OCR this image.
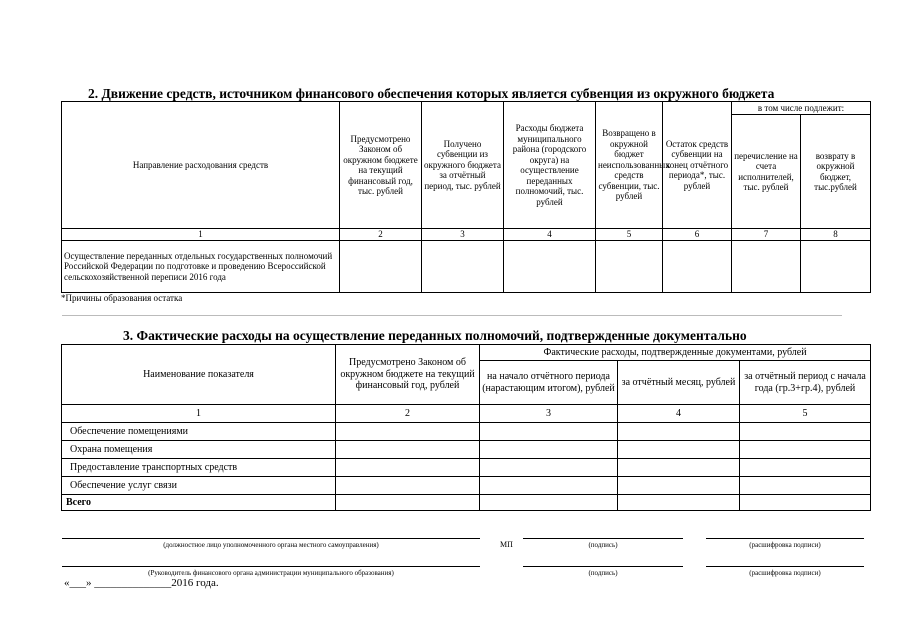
2. Движение средств, источником финансового обеспечения которых является субвенция из окружного бюджета
Направление расходования средств	Предусмотрено Законом об окружном бюджете на текущий финансовый год, тыс. рублей	Получено субвенции из окружного бюджета за отчётный период, тыс. рублей	Расходы бюджета муниципального района (городского округа) на осуществление переданных полномочий, тыс. рублей	Возвращено в окружной бюджет неиспользованных средств субвенции, тыс. рублей	Остаток средств субвенции на конец отчётного периода*, тыс. рублей	в том числе подлежит:	
						перечисление на счета исполнителей, тыс. рублей	возврату в окружной бюджет, тыс.рублей
1	2	3	4	5	6	7	8
Осуществление переданных отдельных государственных полномочий Российской Федерации по подготовке и проведению Всероссийской сельскохозяйственной переписи 2016 года							
*Причины образования остатка
3. Фактические расходы на осуществление переданных полномочий, подтвержденные документально
Наименование показателя	Предусмотрено Законом об окружном бюджете на текущий финансовый год, рублей	Фактические расходы, подтвержденные документами, рублей		
		на начало отчётного периода (нарастающим итогом), рублей	за отчётный месяц, рублей	за отчётный период с начала года (гр.3+гр.4), рублей
1	2	3	4	5
Обеспечение помещениями				
Охрана помещения				
Предоставление транспортных средств				
Обеспечение услуг связи				
Всего				
(должностное лицо уполномоченного органа местного самоуправления)	МП	(подпись)	(расшифровка подписи)
(Руководитель финансового органа администрации муниципального образования)	(подпись)	(расшифровка подписи)
«___» ______________2016 года.
